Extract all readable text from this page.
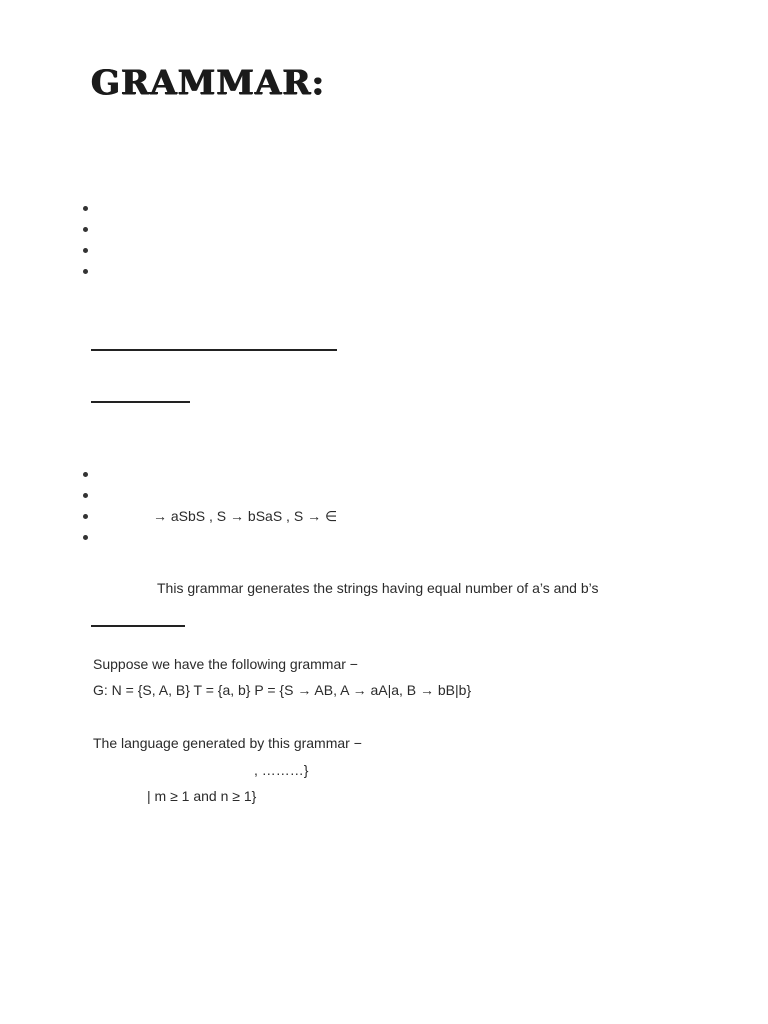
GRAMMAR:
→ aSbS , S → bSaS , S → ∈
This grammar generates the strings having equal number of a’s and b’s
Suppose we have the following grammar −
G: N = {S, A, B} T = {a, b} P = {S → AB, A → aA|a, B → bB|b}
The language generated by this grammar −
, ………}
| m ≥ 1 and n ≥ 1}
